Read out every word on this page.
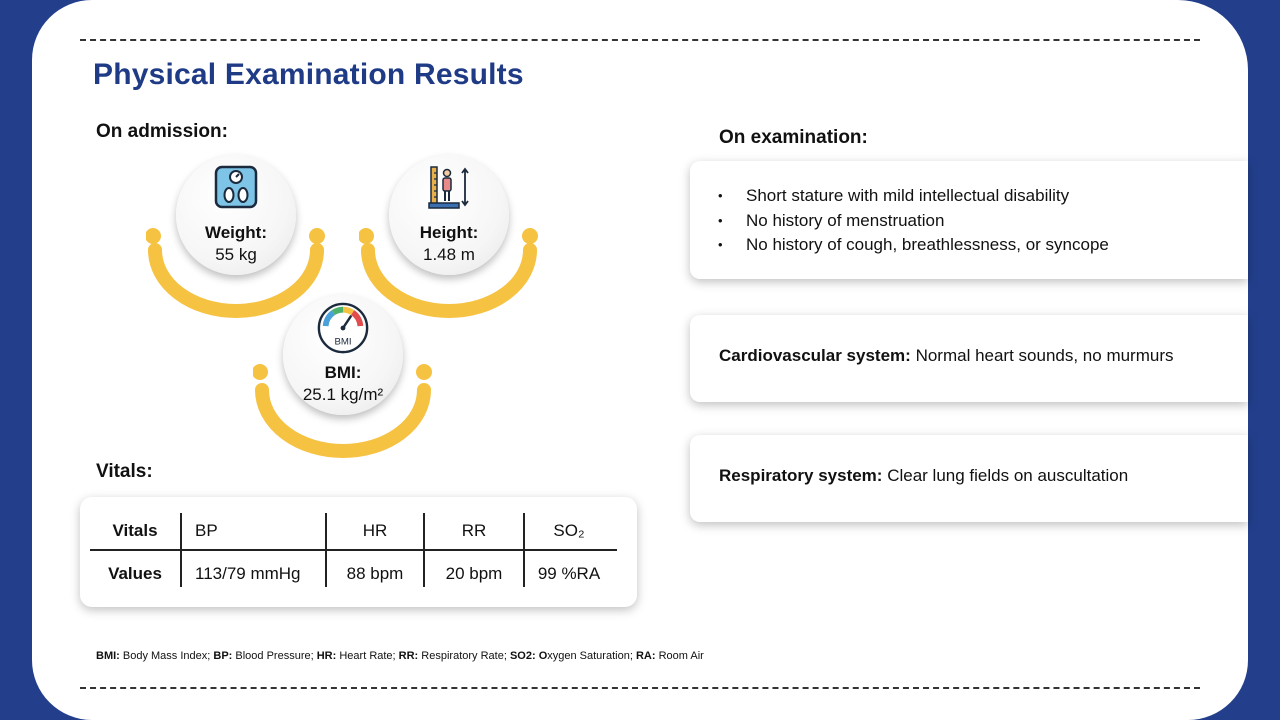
Physical Examination Results
On admission:
Weight:
55 kg
Height:
1.48 m
BMI
BMI:
25.1 kg/m²
Vitals:
Vitals	BP	HR	RR	SO₂
Values	113/79 mmHg	88 bpm	20 bpm	99 %RA
On examination:
• Short stature with mild intellectual disability
• No history of menstruation
• No history of cough, breathlessness, or syncope
Cardiovascular system: Normal heart sounds, no murmurs
Respiratory system: Clear lung fields on auscultation
BMI: Body Mass Index; BP: Blood Pressure; HR: Heart Rate; RR: Respiratory Rate; SO2: Oxygen Saturation; RA: Room Air
